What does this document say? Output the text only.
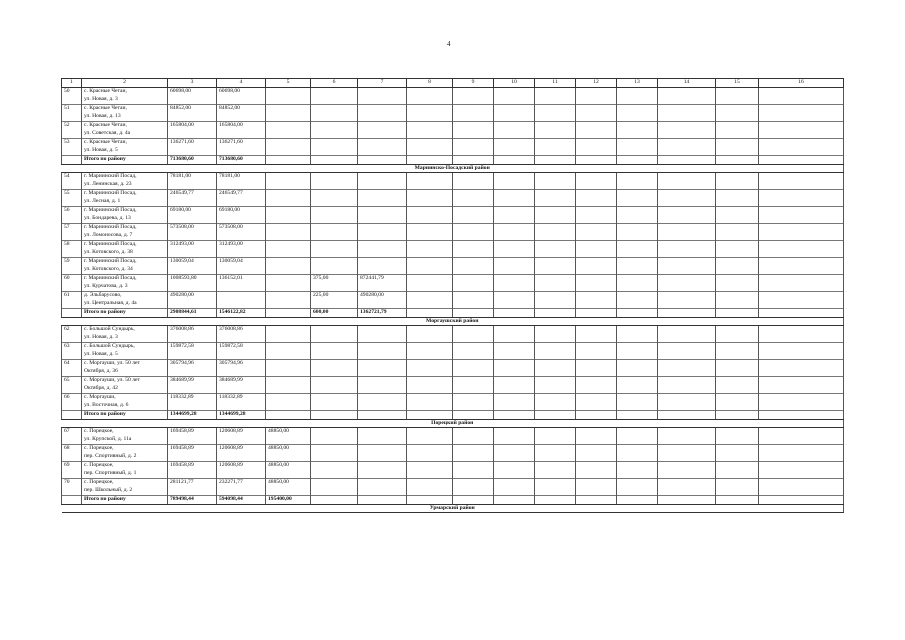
4
1	2	3	4	5	6	7	8	9	10	11	12	13	14	15	16
50	с. Красные Четаи,	60698,00	60698,00												
	ул. Новая, д. 3														
51	с. Красные Четаи,	84852,00	84852,00												
	ул. Новая, д. 13														
52	с. Красные Четаи,	165804,00	165804,00												
	ул. Советская, д. 4а														
53	с. Красные Четаи,	136271,60	136271,60												
	ул. Новая, д. 5														
	Итого по району	713680,60	713680,60												
Мариинско-Посадский район															
54	г. Мариинский Посад,	78181,00	78181,00												
	ул. Ленинская, д. 23														
55	г. Мариинский Посад,	246549,77	246549,77												
	ул. Лесная, д. 1														
56	г. Мариинский Посад,	69180,00	69180,00												
	ул. Бондарева, д. 13														
57	г. Мариинский Посад,	573508,00	573508,00												
	ул. Ломоносова, д. 7														
58	г. Мариинский Посад,	312493,00	312493,00												
	ул. Котовского, д. 38														
59	г. Мариинский Посад,	130059,04	130059,04												
	ул. Котовского, д. 34														
60	г. Мариинский Посад,	1008593,80	136152,01		375,00	872441,79									
	ул. Курчатова, д. 3														
61	д. Эльбарусово,	490280,00			225,00	490280,00									
	ул. Центральная, д. 4а														
	Итого по району	2908844,61	1546122,82		600,00	1362721,79									
Моргаушский район															
62	с. Большой Сундырь,	376008,86	376008,86												
	ул. Новая, д. 3														
63	с. Большой Сундырь,	159872,58	159872,58												
	ул. Новая, д. 5														
64	с. Моргауши, ул. 50 лет	305794,96	305794,96												
	Октября, д. 36														
65	с. Моргауши, ул. 50 лет	384689,99	384689,99												
	Октября, д. 42														
66	с. Моргауши,	118332,89	118332,89												
	ул. Восточная, д. 6														
	Итого по району	1344699,28	1344699,28												
Порецкий район															
67	с. Порецкое,	169458,89	120608,89	48850,00											
	ул. Крупской, д. 11а														
68	с. Порецкое,	169458,89	120608,89	48850,00											
	пер. Спортивный, д. 2														
69	с. Порецкое,	169458,89	120608,89	48850,00											
	пер. Спортивный, д. 1														
70	с. Порецкое,	281121,77	232271,77	48850,00											
	пер. Школьный, д. 2														
	Итого по району	789498,44	594098,44	195400,00											
Урмарский район															
